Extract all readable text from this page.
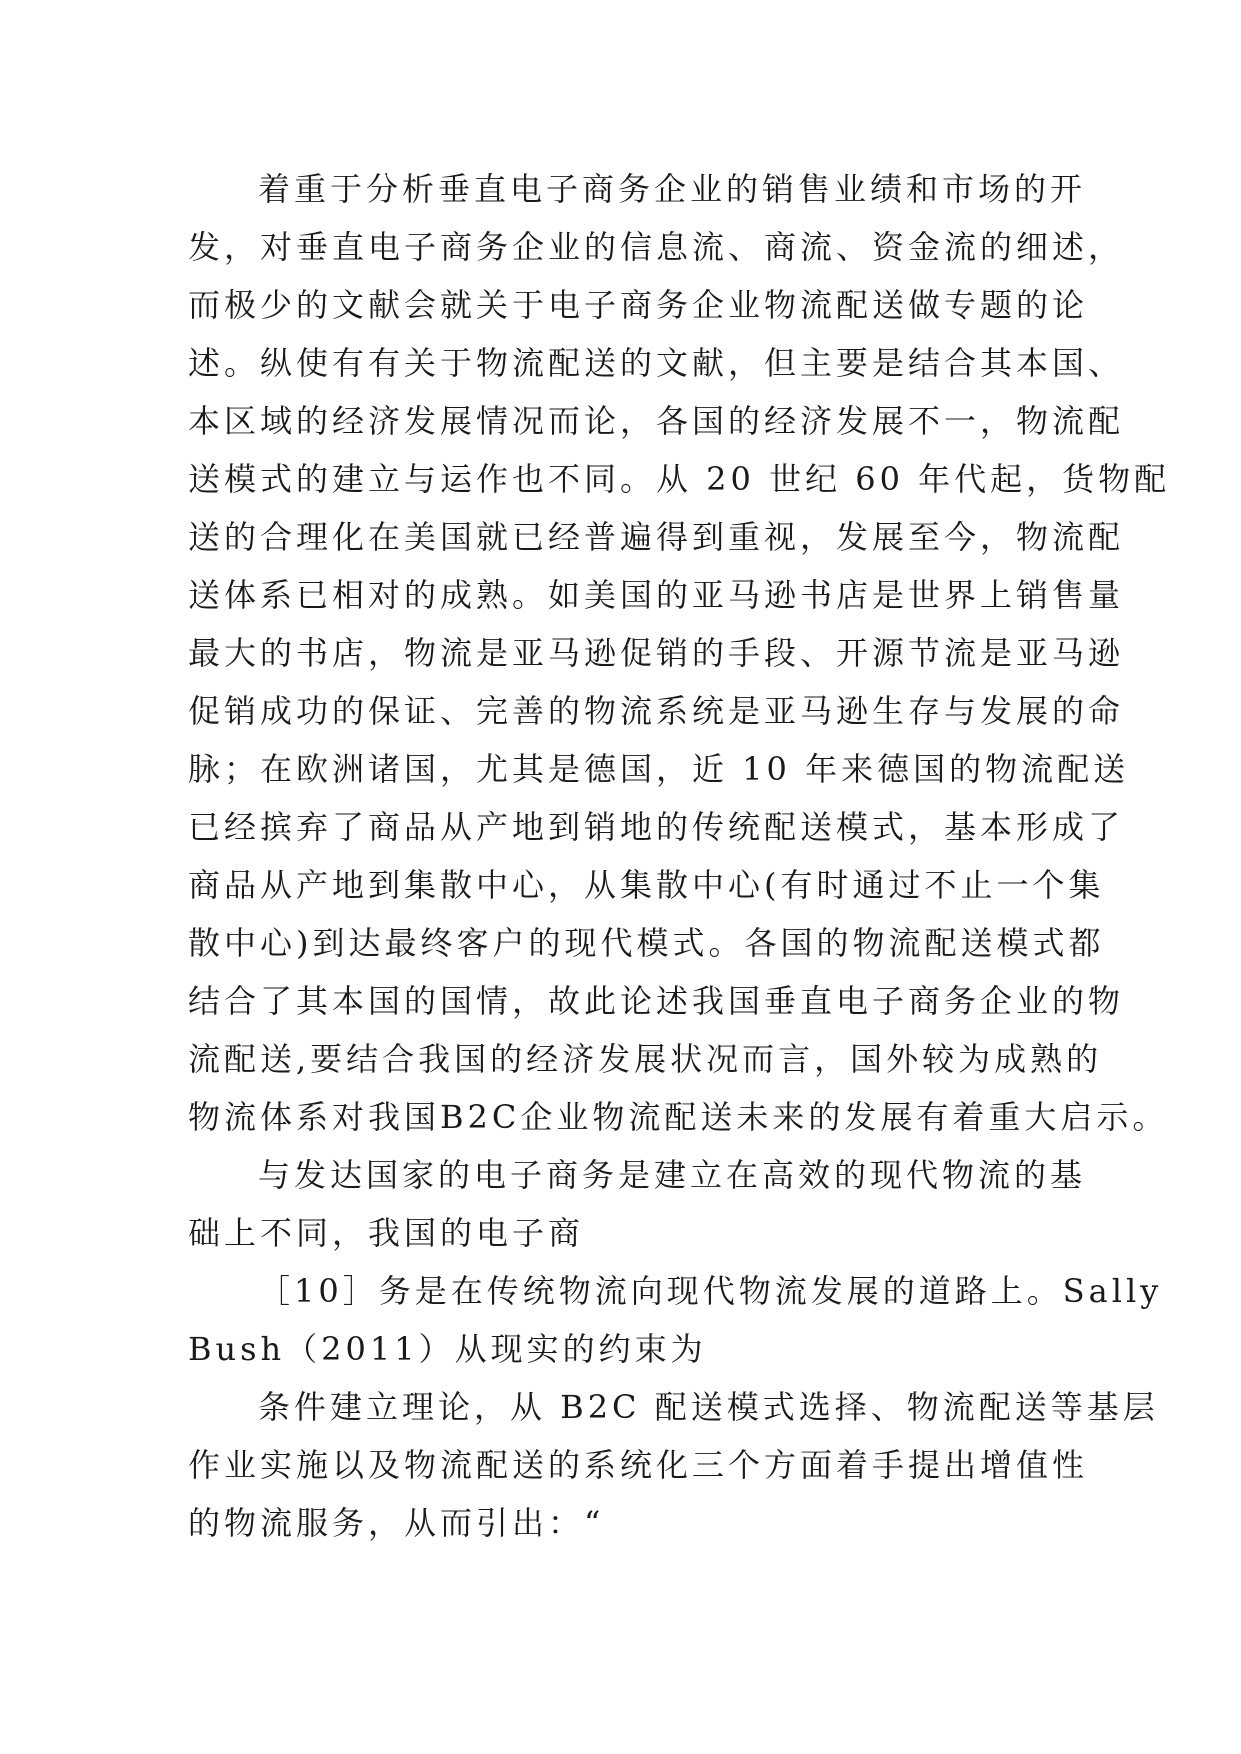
着重于分析垂直电子商务企业的销售业绩和市场的开
发，对垂直电子商务企业的信息流、商流、资金流的细述，
而极少的文献会就关于电子商务企业物流配送做专题的论
述。纵使有有关于物流配送的文献，但主要是结合其本国、
本区域的经济发展情况而论，各国的经济发展不一，物流配
送模式的建立与运作也不同。从 20 世纪 60 年代起，货物配
送的合理化在美国就已经普遍得到重视，发展至今，物流配
送体系已相对的成熟。如美国的亚马逊书店是世界上销售量
最大的书店，物流是亚马逊促销的手段、开源节流是亚马逊
促销成功的保证、完善的物流系统是亚马逊生存与发展的命
脉；在欧洲诸国，尤其是德国，近 10 年来德国的物流配送
已经摈弃了商品从产地到销地的传统配送模式，基本形成了
商品从产地到集散中心，从集散中心(有时通过不止一个集
散中心)到达最终客户的现代模式。各国的物流配送模式都
结合了其本国的国情，故此论述我国垂直电子商务企业的物
流配送,要结合我国的经济发展状况而言，国外较为成熟的
物流体系对我国B2C企业物流配送未来的发展有着重大启示。
与发达国家的电子商务是建立在高效的现代物流的基
础上不同，我国的电子商
［10］务是在传统物流向现代物流发展的道路上。Sally
Bush（2011）从现实的约束为
条件建立理论，从 B2C 配送模式选择、物流配送等基层
作业实施以及物流配送的系统化三个方面着手提出增值性
的物流服务，从而引出：“
